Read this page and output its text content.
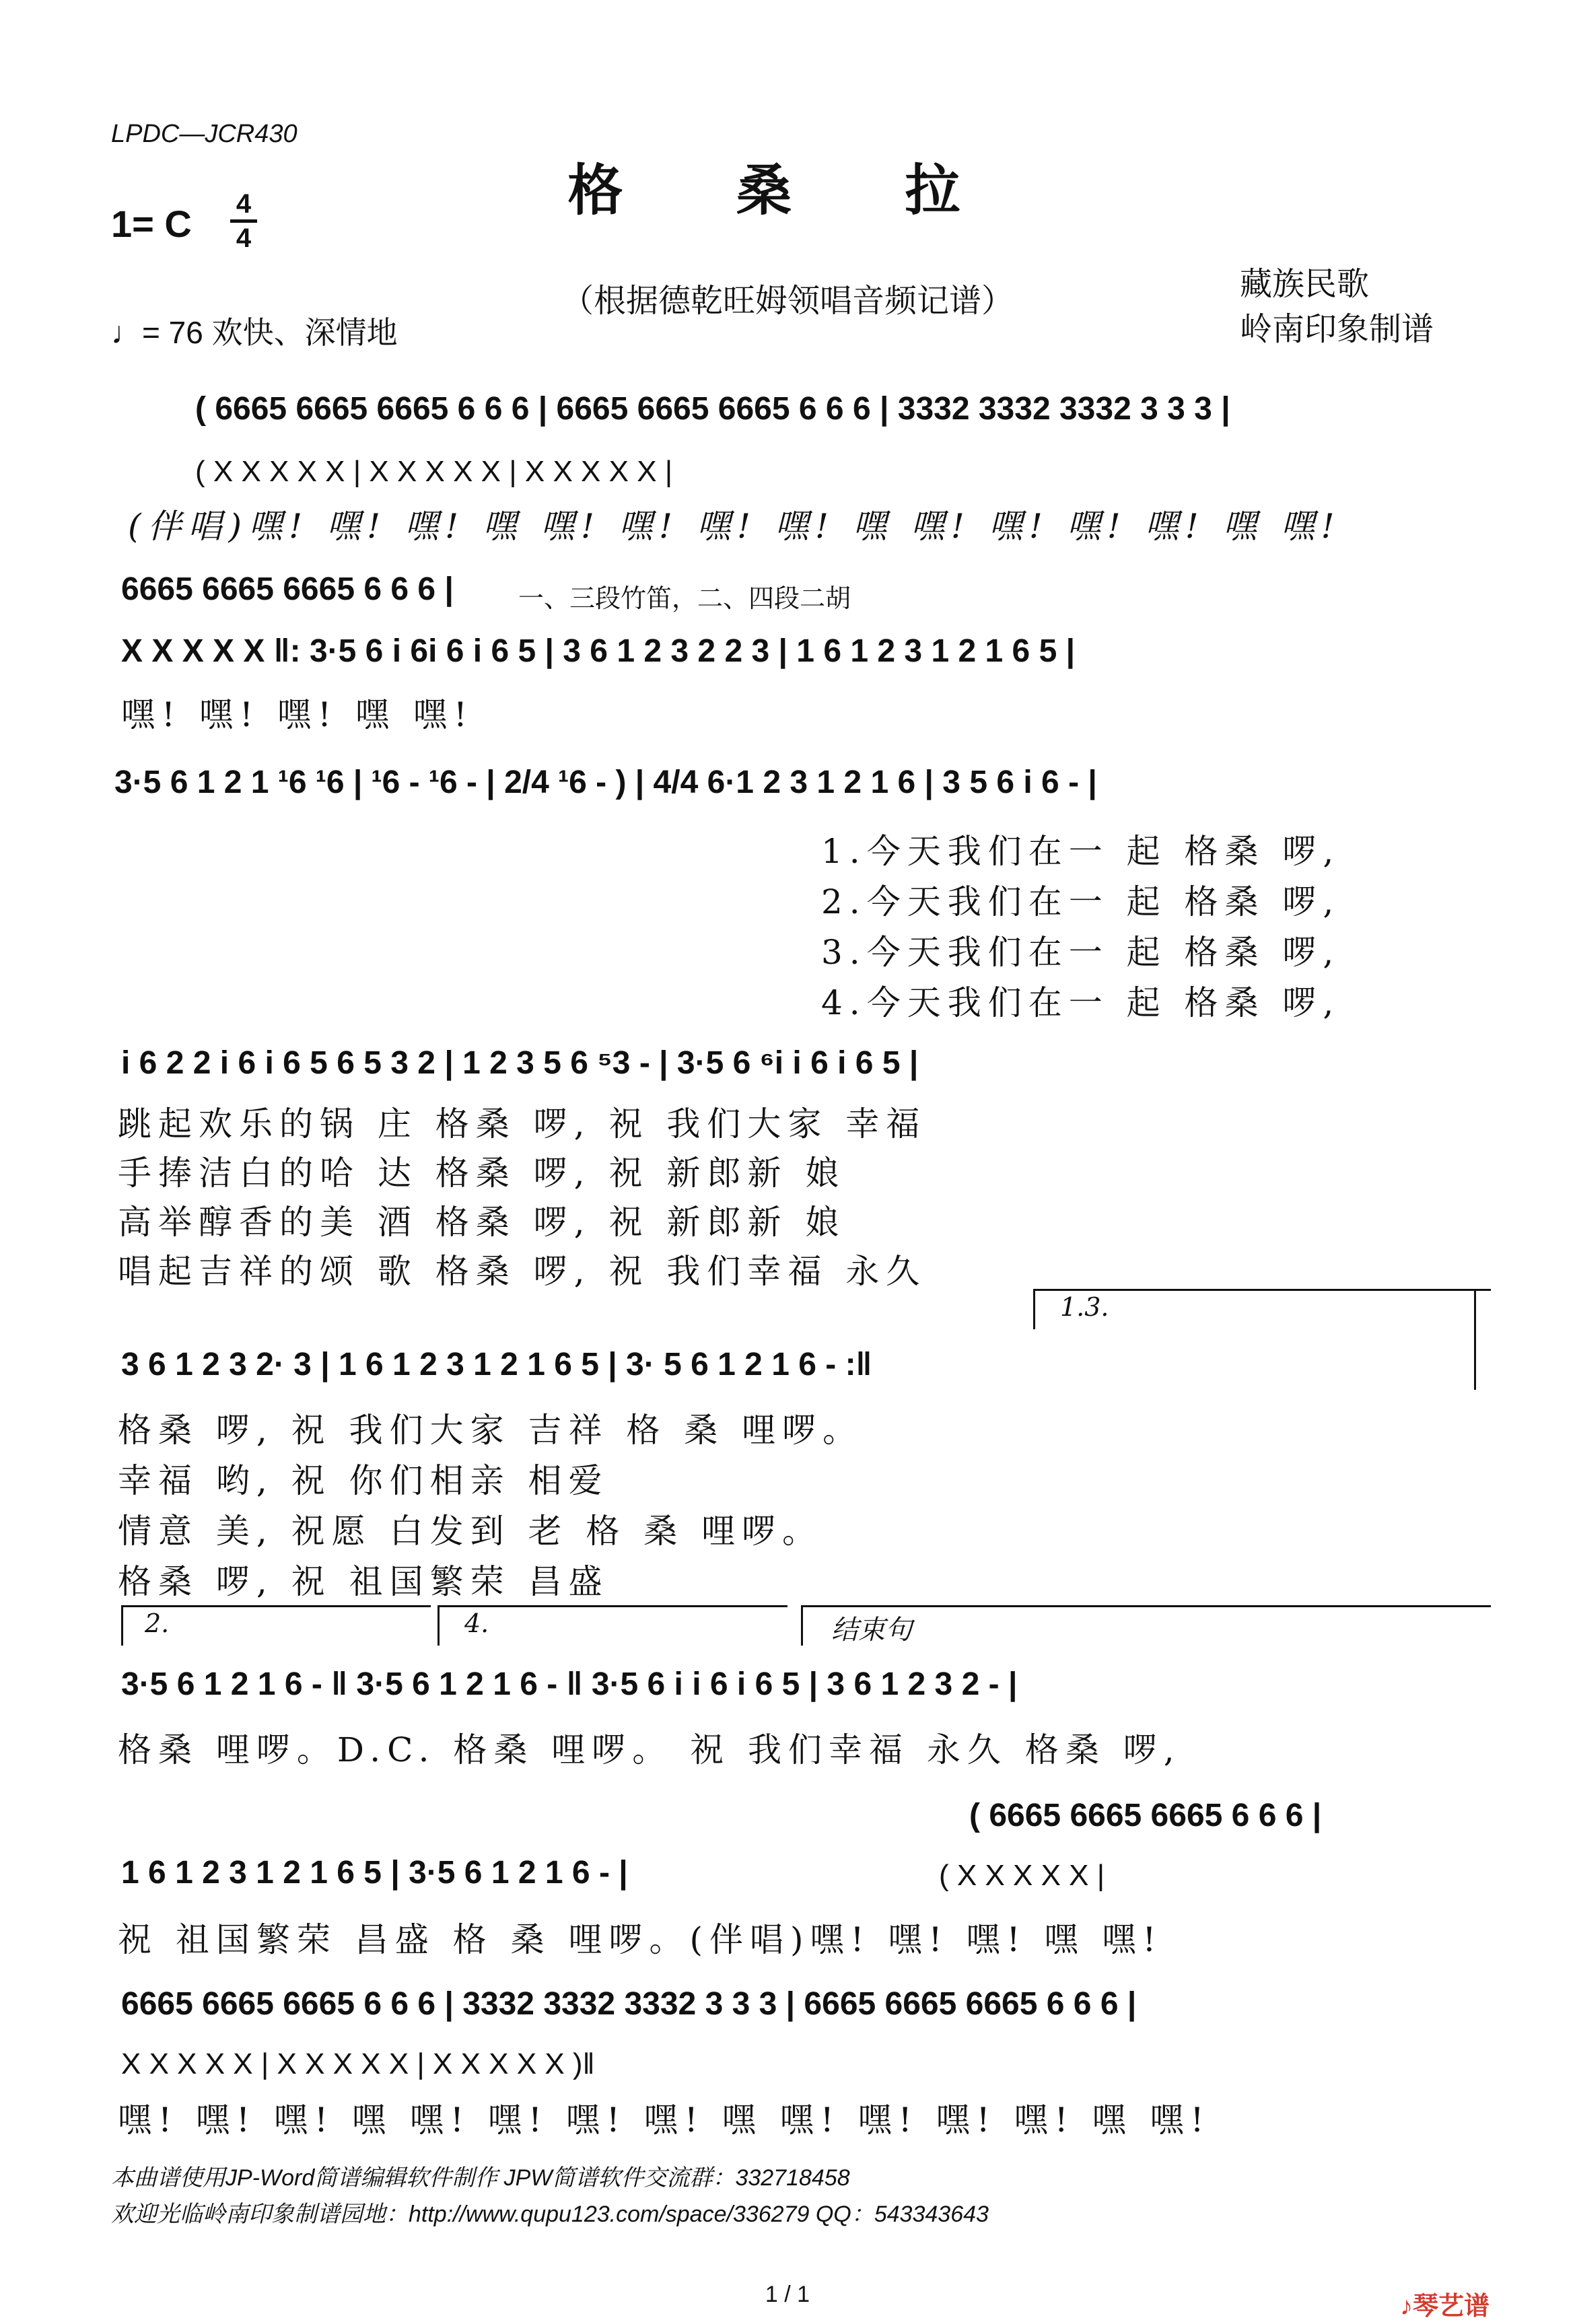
LPDC—JCR430
格 桑 拉
1= C 4
4
（根据德乾旺姆领唱音频记谱）	藏族民歌
岭南印象制谱
♩= 76 欢快、深情地
( 6665 6665 6665 6 6 6 | 6665 6665 6665 6 6 6 | 3332 3332 3332 3 3 3 |
( X X X X X | X X X X X | X X X X X |
(伴唱)嘿! 嘿! 嘿! 嘿 嘿! 嘿! 嘿! 嘿! 嘿 嘿! 嘿! 嘿! 嘿! 嘿 嘿!
6665 6665 6665 6 6 6 |	一、三段竹笛，二、四段二胡
X X X X X ‖: 3·5 6 i 6i 6 i 6 5 | 3 6 1 2 3 2 2 3 | 1 6 1 2 3 1 2 1 6 5 |
嘿! 嘿! 嘿! 嘿 嘿!
3·5 6 1 2 1 ¹6 ¹6 | ¹6 - ¹6 - | 2/4 ¹6 - ) | 4/4 6·1 2 3 1 2 1 6 | 3 5 6 i 6 - |
1.今天我们在一 起 格桑 啰,
2.今天我们在一 起 格桑 啰,
3.今天我们在一 起 格桑 啰,
4.今天我们在一 起 格桑 啰,
i 6 2 2 i 6 i 6 5 6 5 3 2 | 1 2 3 5 6 ⁵3 - | 3·5 6 ⁶i i 6 i 6 5 |
跳起欢乐的锅 庄 格桑 啰, 祝 我们大家 幸福
手捧洁白的哈 达 格桑 啰, 祝 新郎新 娘
高举醇香的美 酒 格桑 啰, 祝 新郎新 娘
唱起吉祥的颂 歌 格桑 啰, 祝 我们幸福 永久
1.3.
3 6 1 2 3 2· 3 | 1 6 1 2 3 1 2 1 6 5 | 3· 5 6 1 2 1 6 - :‖
格桑 啰, 祝 我们大家 吉祥 格 桑 哩啰。
幸福 哟, 祝 你们相亲 相爱
情意 美, 祝愿 白发到 老 格 桑 哩啰。
格桑 啰, 祝 祖国繁荣 昌盛
2.	4.	结束句
3·5 6 1 2 1 6 - ‖ 3·5 6 1 2 1 6 - ‖ 3·5 6 i i 6 i 6 5 | 3 6 1 2 3 2 - |
格桑 哩啰。D.C. 格桑 哩啰。 祝 我们幸福 永久 格桑 啰,
( 6665 6665 6665 6 6 6 |
1 6 1 2 3 1 2 1 6 5 | 3·5 6 1 2 1 6 - |	( X X X X X |
祝 祖国繁荣 昌盛 格 桑 哩啰。(伴唱)嘿! 嘿! 嘿! 嘿 嘿!
6665 6665 6665 6 6 6 | 3332 3332 3332 3 3 3 | 6665 6665 6665 6 6 6 |
X X X X X | X X X X X | X X X X X )‖
嘿! 嘿! 嘿! 嘿 嘿! 嘿! 嘿! 嘿! 嘿 嘿! 嘿! 嘿! 嘿! 嘿 嘿!
本曲谱使用JP-Word简谱编辑软件制作 JPW简谱软件交流群：332718458
欢迎光临岭南印象制谱园地：http://www.qupu123.com/space/336279 QQ：543343643
1 / 1	♪琴艺谱
